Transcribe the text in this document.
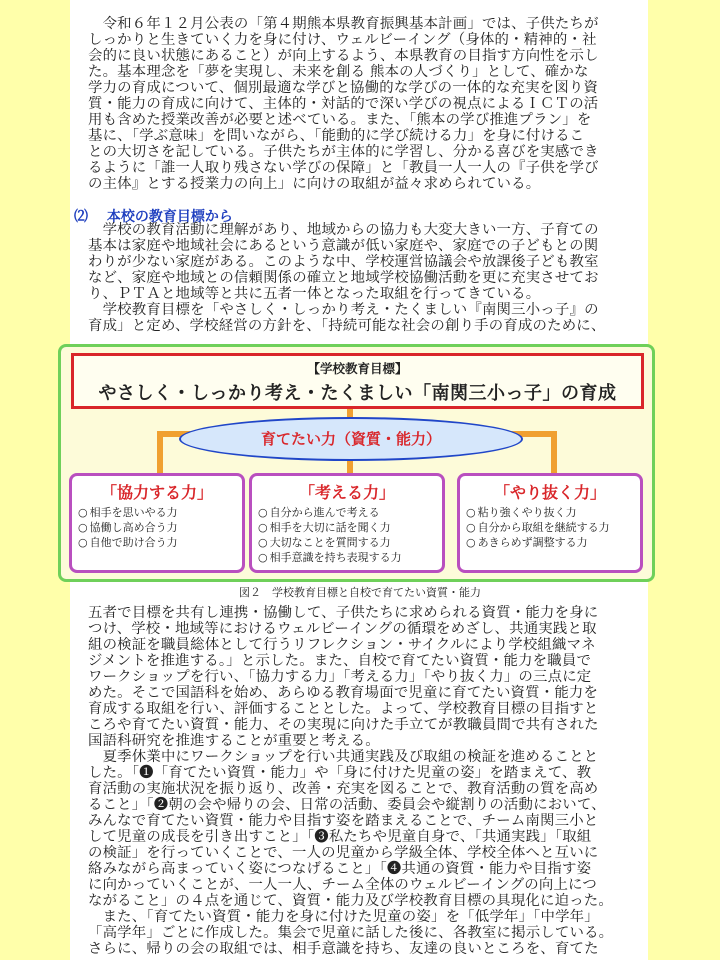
　令和６年１２月公表の「第４期熊本県教育振興基本計画」では、子供たちが
しっかりと生きていく力を身に付け、ウェルビーイング（身体的・精神的・社
会的に良い状態にあること）が向上するよう、本県教育の目指す方向性を示し
た。基本理念を「夢を実現し、未来を創る 熊本の人づくり」として、確かな
学力の育成について、個別最適な学びと協働的な学びの一体的な充実を図り資
質・能力の育成に向けて、主体的・対話的で深い学びの視点によるＩＣＴの活
用も含めた授業改善が必要と述べている。また、「熊本の学び推進プラン」を
基に、「学ぶ意味」を問いながら、「能動的に学び続ける力」を身に付けるこ
との大切さを記している。子供たちが主体的に学習し、分かる喜びを実感でき
るように「誰一人取り残さない学びの保障」と「教員一人一人の『子供を学び
の主体』とする授業力の向上」に向けの取組が益々求められている。

⑵ 本校の教育目標から

　学校の教育活動に理解があり、地域からの協力も大変大きい一方、子育ての
基本は家庭や地域社会にあるという意識が低い家庭や、家庭での子どもとの関
わりが少ない家庭がある。このような中、学校運営協議会や放課後子ども教室
など、家庭や地域との信頼関係の確立と地域学校協働活動を更に充実させてお
り、ＰＴＡと地域等と共に五者一体となった取組を行ってきている。
　学校教育目標を「やさしく・しっかり考え・たくましい『南関三小っ子』の
育成」と定め、学校経営の方針を、「持続可能な社会の創り手の育成のために、

五者で目標を共有し連携・協働して、子供たちに求められる資質・能力を身に
つけ、学校・地域等におけるウェルビーイングの循環をめざし、共通実践と取
組の検証を職員総体として行うリフレクション・サイクルにより学校組織マネ
ジメントを推進する。」と示した。また、自校で育てたい資質・能力を職員で
ワークショップを行い、「協力する力」「考える力」「やり抜く力」の三点に定
めた。そこで国語科を始め、あらゆる教育場面で児童に育てたい資質・能力を
育成する取組を行い、評価することとした。よって、学校教育目標の目指すと
ころや育てたい資質・能力、その実現に向けた手立てが教職員間で共有された
国語科研究を推進することが重要と考える。
　夏季休業中にワークショップを行い共通実践及び取組の検証を進めることと
した。「❶「育てたい資質・能力」や「身に付けた児童の姿」を踏まえて、教
育活動の実施状況を振り返り、改善・充実を図ることで、教育活動の質を高め
ること」「❷朝の会や帰りの会、日常の活動、委員会や縦割りの活動において、
みんなで育てたい資質・能力や目指す姿を踏まえることで、チーム南関三小と
して児童の成長を引き出すこと」「❸私たちや児童自身で、「共通実践」「取組
の検証」を行っていくことで、一人の児童から学級全体、学校全体へと互いに
絡みながら高まっていく姿につなげること」「❹共通の資質・能力や目指す姿
に向かっていくことが、一人一人、チーム全体のウェルビーイングの向上につ
ながること」の４点を通じて、資質・能力及び学校教育目標の具現化に迫った。
　また、「育てたい資質・能力を身に付けた児童の姿」を「低学年」「中学年」
「高学年」ごとに作成した。集会で児童に話した後に、各教室に掲示している。
さらに、帰りの会の取組では、相手意識を持ち、友達の良いところを、育てた

【学校教育目標】
やさしく・しっかり考え・たくましい「南関三小っ子」の育成
育てたい力（資質・能力）
「協力する力」
○ 相手を思いやる力
○ 協働し高め合う力
○ 自他で助け合う力
「考える力」
○ 自分から進んで考える
○ 相手を大切に話を聞く力
○ 大切なことを質問する力
○ 相手意識を持ち表現する力
「やり抜く力」
○ 粘り強くやり抜く力
○ 自分から取組を継続する力
○ あきらめず調整する力
図２　学校教育目標と自校で育てたい資質・能力
